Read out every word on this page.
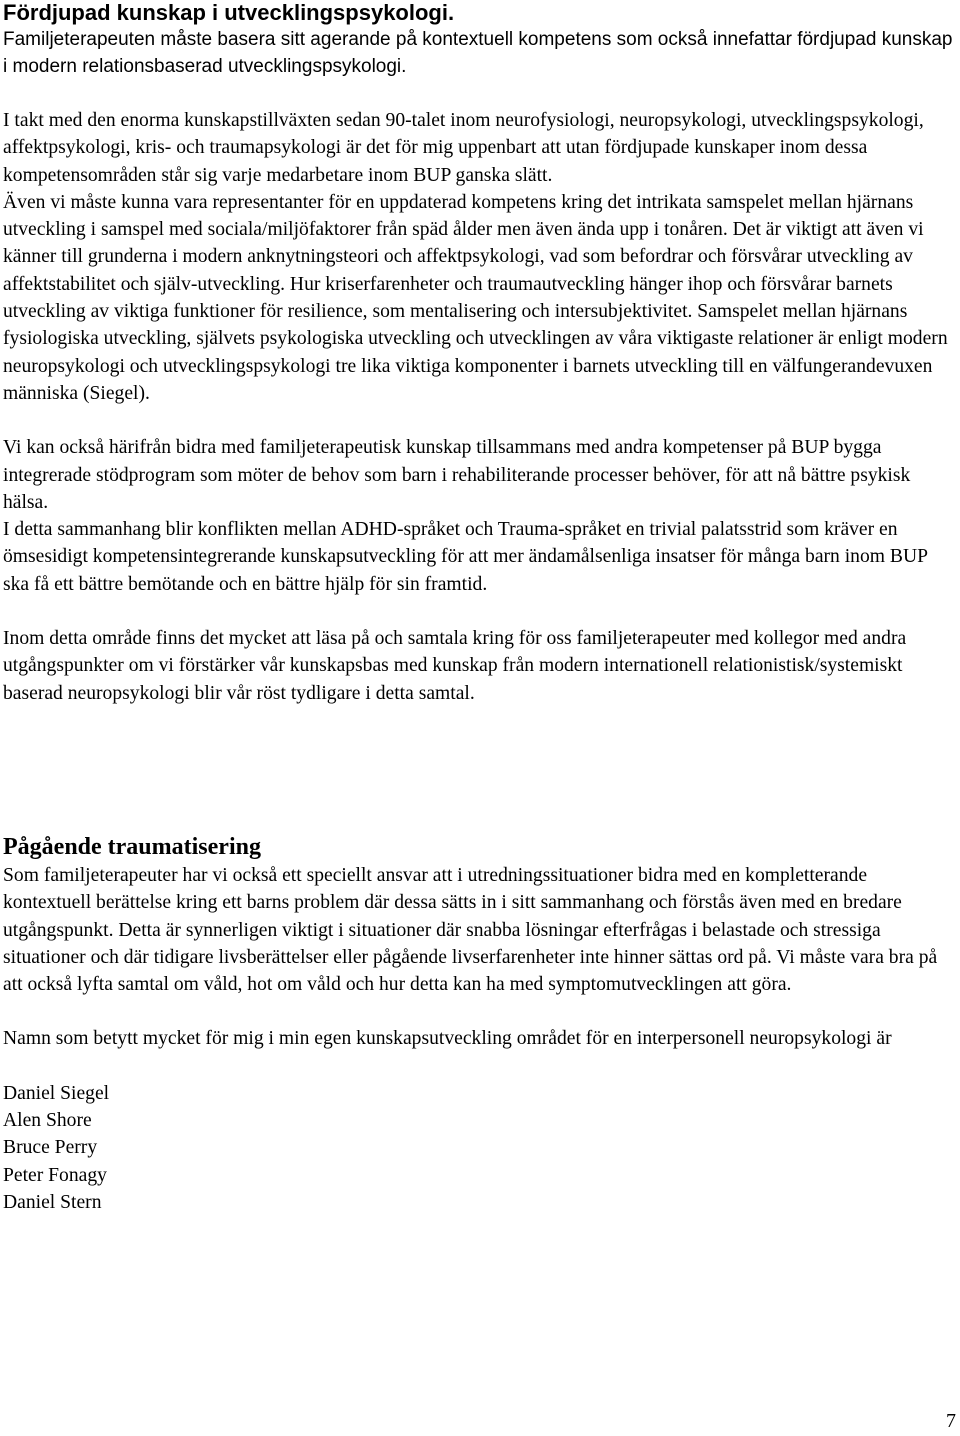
Fördjupad kunskap i utvecklingspsykologi.

Familjeterapeuten måste basera sitt agerande på kontextuell kompetens som också innefattar fördjupad kunskap i modern relationsbaserad utvecklingspsykologi.

I takt med den enorma kunskapstillväxten sedan 90-talet inom neurofysiologi, neuropsykologi, utvecklingspsykologi, affektpsykologi, kris- och traumapsykologi är det för mig uppenbart att utan fördjupade kunskaper inom dessa kompetensområden står sig varje medarbetare inom BUP ganska slätt.

Även vi måste kunna vara representanter för en uppdaterad kompetens kring det intrikata samspelet mellan hjärnans utveckling i samspel med sociala/miljöfaktorer från späd ålder men även ända upp i tonåren. Det är viktigt att även vi känner till grunderna i modern anknytningsteori och affektpsykologi, vad som befordrar och försvårar utveckling av affektstabilitet och själv-utveckling. Hur kriserfarenheter och traumautveckling hänger ihop och försvårar barnets utveckling av viktiga funktioner för resilience, som mentalisering och intersubjektivitet. Samspelet mellan hjärnans fysiologiska utveckling, självets psykologiska utveckling och utvecklingen av våra viktigaste relationer är enligt modern neuropsykologi och utvecklingspsykologi tre lika viktiga komponenter i barnets utveckling till en välfungerandevuxen människa (Siegel).

Vi kan också härifrån bidra med familjeterapeutisk kunskap tillsammans med andra kompetenser på BUP bygga integrerade stödprogram som möter de behov som barn i rehabiliterande processer behöver, för att nå bättre psykisk hälsa.

I detta sammanhang blir konflikten mellan ADHD-språket och Trauma-språket en trivial palatsstrid som kräver en ömsesidigt kompetensintegrerande kunskapsutveckling för att mer ändamålsenliga insatser för många barn inom BUP ska få ett bättre bemötande och en bättre hjälp för sin framtid.

Inom detta område finns det mycket att läsa på och samtala kring för oss familjeterapeuter med kollegor med andra utgångspunkter om vi förstärker vår kunskapsbas med kunskap från modern internationell relationistisk/systemiskt baserad neuropsykologi blir vår röst tydligare i detta samtal.

Pågående traumatisering

Som familjeterapeuter har vi också ett speciellt ansvar att i utredningssituationer bidra med en kompletterande kontextuell berättelse kring ett barns problem där dessa sätts in i sitt sammanhang och förstås även med en bredare utgångspunkt. Detta är synnerligen viktigt i situationer där snabba lösningar efterfrågas i belastade och stressiga situationer och där tidigare livsberättelser eller pågående livserfarenheter inte hinner sättas ord på. Vi måste vara bra på att också lyfta samtal om våld, hot om våld och hur detta kan ha med symptomutvecklingen att göra.

Namn som betytt mycket för mig i min egen kunskapsutveckling området för en interpersonell neuropsykologi är

Daniel Siegel
Alen Shore
Bruce Perry
Peter Fonagy
Daniel Stern
7
